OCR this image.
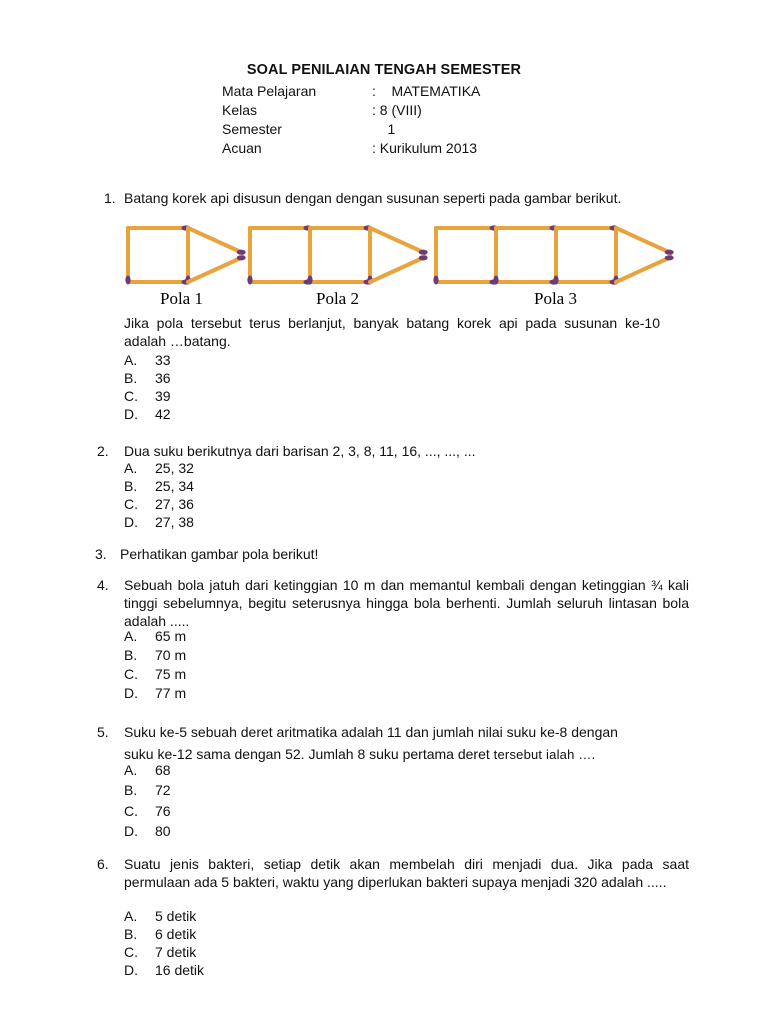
SOAL PENILAIAN TENGAH SEMESTER
Mata Pelajaran	:    MATEMATIKA
Kelas	: 8 (VIII)
Semester	1
Acuan	: Kurikulum 2013
1. Batang korek api disusun dengan dengan susunan seperti pada gambar berikut.
Pola 1	Pola 2	Pola 3
Jika pola tersebut terus berlanjut, banyak batang korek api pada susunan ke-10 adalah …batang.
A. 33
B. 36
C. 39
D. 42
2. Dua suku berikutnya dari barisan 2, 3, 8, 11, 16, ..., ..., ...
A. 25, 32
B. 25, 34
C. 27, 36
D. 27, 38
3. Perhatikan gambar pola berikut!
4. Sebuah bola jatuh dari ketinggian 10 m dan memantul kembali dengan ketinggian ¾ kali tinggi sebelumnya, begitu seterusnya hingga bola berhenti. Jumlah seluruh lintasan bola adalah .....
A. 65 m
B. 70 m
C. 75 m
D. 77 m
5. Suku ke-5 sebuah deret aritmatika adalah 11 dan jumlah nilai suku ke-8 dengan
suku ke-12 sama dengan 52. Jumlah 8 suku pertama deret tersebut ialah ….
A. 68
B. 72
C. 76
D. 80
6. Suatu jenis bakteri, setiap detik akan membelah diri menjadi dua. Jika pada saat permulaan ada 5 bakteri, waktu yang diperlukan bakteri supaya menjadi 320 adalah .....
A. 5 detik
B. 6 detik
C. 7 detik
D. 16 detik
